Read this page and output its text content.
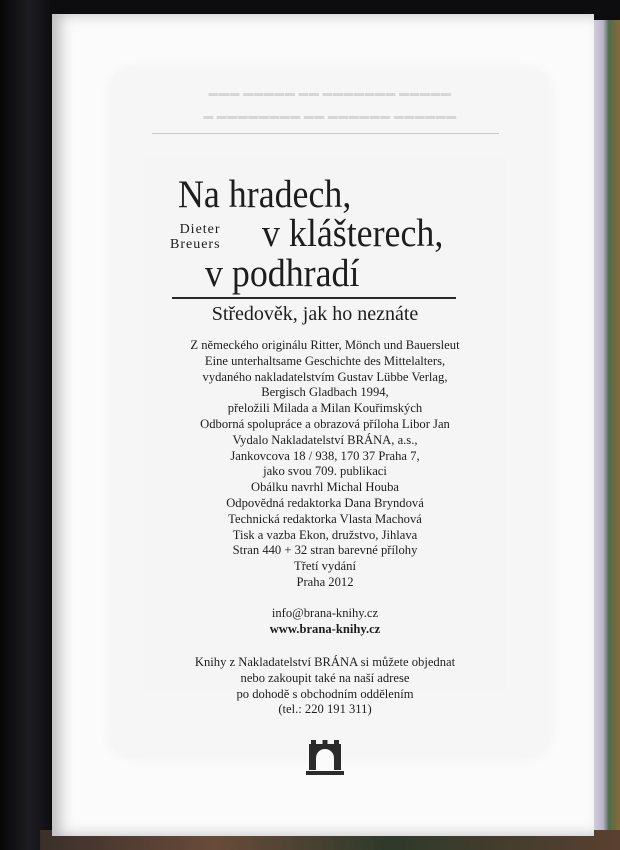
▬▬▬ ▬▬▬▬▬ ▬▬ ▬▬▬▬▬▬▬ ▬▬▬▬▬
▬ ▬▬▬▬▬▬▬▬ ▬▬ ▬▬▬▬▬▬ ▬▬▬▬▬▬
Na hradech,
Dieter
Breuers v klášterech,
v podhradí
Středověk, jak ho neznáte
Z německého originálu Ritter, Mönch und Bauersleut
Eine unterhaltsame Geschichte des Mittelalters,
vydaného nakladatelstvím Gustav Lübbe Verlag,
Bergisch Gladbach 1994,
přeložili Milada a Milan Kouřimských
Odborná spolupráce a obrazová příloha Libor Jan
Vydalo Nakladatelství BRÁNA, a.s.,
Jankovcova 18 / 938, 170 37 Praha 7,
jako svou 709. publikaci
Obálku navrhl Michal Houba
Odpovědná redaktorka Dana Bryndová
Technická redaktorka Vlasta Machová
Tisk a vazba Ekon, družstvo, Jihlava
Stran 440 + 32 stran barevné přílohy
Třetí vydání
Praha 2012
info@brana-knihy.cz
www.brana-knihy.cz
Knihy z Nakladatelství BRÁNA si můžete objednat
nebo zakoupit také na naší adrese
po dohodě s obchodním oddělením
(tel.: 220 191 311)
